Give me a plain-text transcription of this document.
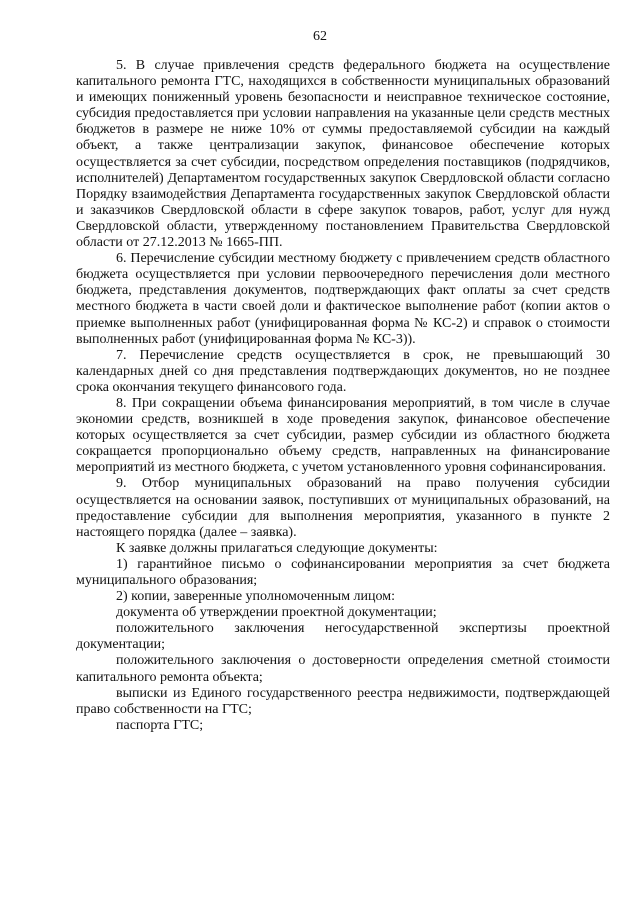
62

5. В случае привлечения средств федерального бюджета на осуществление капитального ремонта ГТС, находящихся в собственности муниципальных образований и имеющих пониженный уровень безопасности и неисправное техническое состояние, субсидия предоставляется при условии направления на указанные цели средств местных бюджетов в размере не ниже 10% от суммы предоставляемой субсидии на каждый объект, а также централизации закупок, финансовое обеспечение которых осуществляется за счет субсидии, посредством определения поставщиков (подрядчиков, исполнителей) Департаментом государственных закупок Свердловской области согласно Порядку взаимодействия Департамента государственных закупок Свердловской области и заказчиков Свердловской области в сфере закупок товаров, работ, услуг для нужд Свердловской области, утвержденному постановлением Правительства Свердловской области от 27.12.2013 № 1665-ПП.

6. Перечисление субсидии местному бюджету с привлечением средств областного бюджета осуществляется при условии первоочередного перечисления доли местного бюджета, представления документов, подтверждающих факт оплаты за счет средств местного бюджета в части своей доли и фактическое выполнение работ (копии актов о приемке выполненных работ (унифицированная форма № КС-2) и справок о стоимости выполненных работ (унифицированная форма № КС-3)).

7. Перечисление средств осуществляется в срок, не превышающий 30 календарных дней со дня представления подтверждающих документов, но не позднее срока окончания текущего финансового года.

8. При сокращении объема финансирования мероприятий, в том числе в случае экономии средств, возникшей в ходе проведения закупок, финансовое обеспечение которых осуществляется за счет субсидии, размер субсидии из областного бюджета сокращается пропорционально объему средств, направленных на финансирование мероприятий из местного бюджета, с учетом установленного уровня софинансирования.

9. Отбор муниципальных образований на право получения субсидии осуществляется на основании заявок, поступивших от муниципальных образований, на предоставление субсидии для выполнения мероприятия, указанного в пункте 2 настоящего порядка (далее – заявка).

К заявке должны прилагаться следующие документы:

1) гарантийное письмо о софинансировании мероприятия за счет бюджета муниципального образования;

2) копии, заверенные уполномоченным лицом:

документа об утверждении проектной документации;

положительного заключения негосударственной экспертизы проектной документации;

положительного заключения о достоверности определения сметной стоимости капитального ремонта объекта;

выписки из Единого государственного реестра недвижимости, подтверждающей право собственности на ГТС;

паспорта ГТС;
